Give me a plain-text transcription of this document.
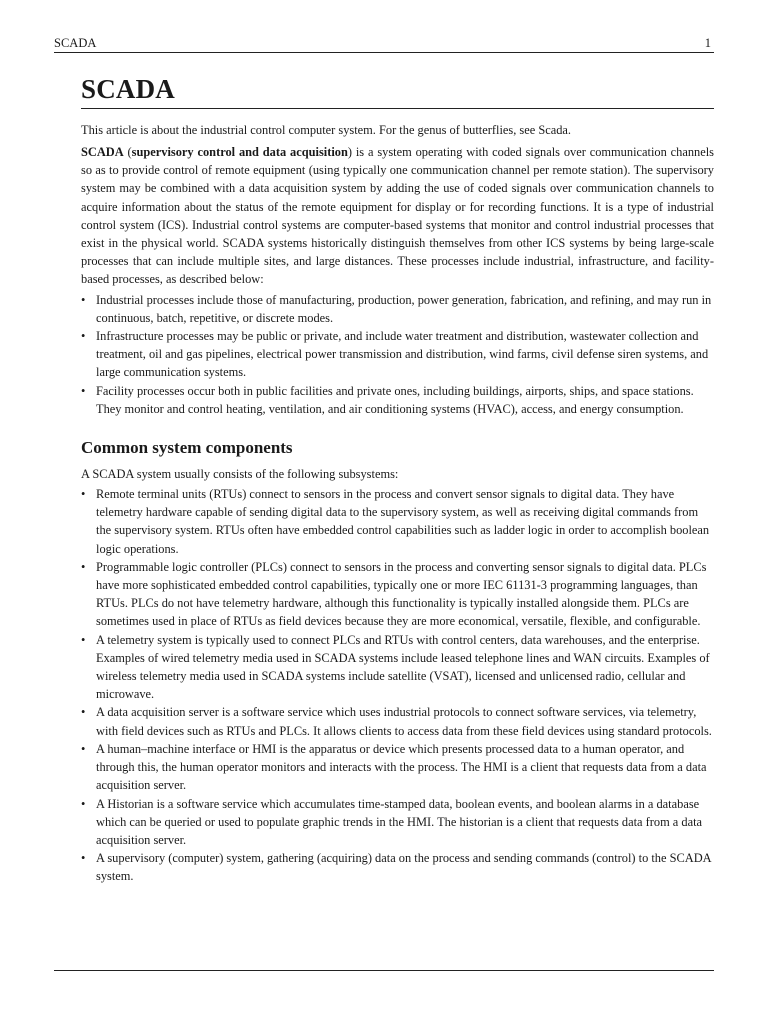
SCADA	1
SCADA
This article is about the industrial control computer system. For the genus of butterflies, see Scada.

SCADA (supervisory control and data acquisition) is a system operating with coded signals over communication channels so as to provide control of remote equipment (using typically one communication channel per remote station). The supervisory system may be combined with a data acquisition system by adding the use of coded signals over communication channels to acquire information about the status of the remote equipment for display or for recording functions. It is a type of industrial control system (ICS). Industrial control systems are computer-based systems that monitor and control industrial processes that exist in the physical world. SCADA systems historically distinguish themselves from other ICS systems by being large-scale processes that can include multiple sites, and large distances. These processes include industrial, infrastructure, and facility-based processes, as described below:

• Industrial processes include those of manufacturing, production, power generation, fabrication, and refining, and may run in continuous, batch, repetitive, or discrete modes.
• Infrastructure processes may be public or private, and include water treatment and distribution, wastewater collection and treatment, oil and gas pipelines, electrical power transmission and distribution, wind farms, civil defense siren systems, and large communication systems.
• Facility processes occur both in public facilities and private ones, including buildings, airports, ships, and space stations. They monitor and control heating, ventilation, and air conditioning systems (HVAC), access, and energy consumption.
Common system components

A SCADA system usually consists of the following subsystems:

• Remote terminal units (RTUs) connect to sensors in the process and convert sensor signals to digital data. They have telemetry hardware capable of sending digital data to the supervisory system, as well as receiving digital commands from the supervisory system. RTUs often have embedded control capabilities such as ladder logic in order to accomplish boolean logic operations.
• Programmable logic controller (PLCs) connect to sensors in the process and converting sensor signals to digital data. PLCs have more sophisticated embedded control capabilities, typically one or more IEC 61131-3 programming languages, than RTUs. PLCs do not have telemetry hardware, although this functionality is typically installed alongside them. PLCs are sometimes used in place of RTUs as field devices because they are more economical, versatile, flexible, and configurable.
• A telemetry system is typically used to connect PLCs and RTUs with control centers, data warehouses, and the enterprise. Examples of wired telemetry media used in SCADA systems include leased telephone lines and WAN circuits. Examples of wireless telemetry media used in SCADA systems include satellite (VSAT), licensed and unlicensed radio, cellular and microwave.
• A data acquisition server is a software service which uses industrial protocols to connect software services, via telemetry, with field devices such as RTUs and PLCs. It allows clients to access data from these field devices using standard protocols.
• A human–machine interface or HMI is the apparatus or device which presents processed data to a human operator, and through this, the human operator monitors and interacts with the process. The HMI is a client that requests data from a data acquisition server.
• A Historian is a software service which accumulates time-stamped data, boolean events, and boolean alarms in a database which can be queried or used to populate graphic trends in the HMI. The historian is a client that requests data from a data acquisition server.
• A supervisory (computer) system, gathering (acquiring) data on the process and sending commands (control) to the SCADA system.
